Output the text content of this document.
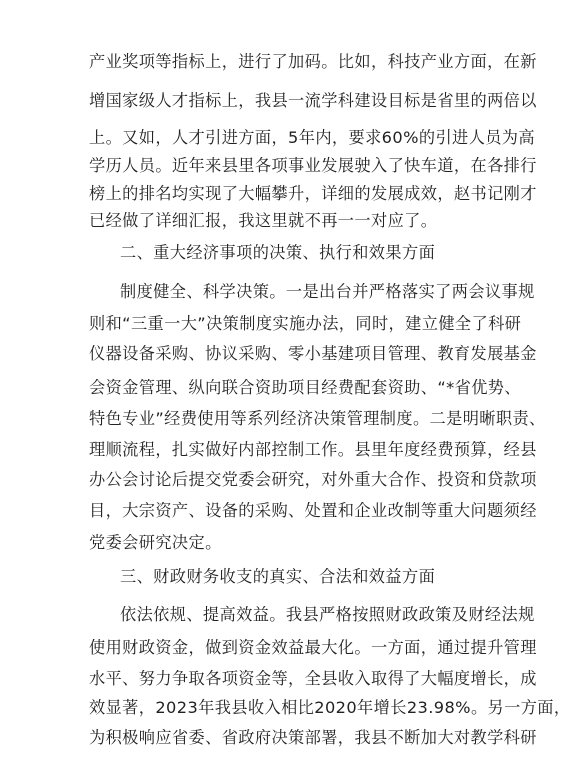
产业奖项等指标上，进行了加码。比如，科技产业方面，在新
增国家级人才指标上，我县一流学科建设目标是省里的两倍以
上。又如，人才引进方面，5年内，要求60%的引进人员为高
学历人员。近年来县里各项事业发展驶入了快车道，在各排行
榜上的排名均实现了大幅攀升，详细的发展成效，赵书记刚才
已经做了详细汇报，我这里就不再一一对应了。
二、重大经济事项的决策、执行和效果方面
制度健全、科学决策。一是出台并严格落实了两会议事规
则和“三重一大”决策制度实施办法，同时，建立健全了科研
仪器设备采购、协议采购、零小基建项目管理、教育发展基金
会资金管理、纵向联合资助项目经费配套资助、“*省优势、
特色专业”经费使用等系列经济决策管理制度。二是明晰职责、
理顺流程，扎实做好内部控制工作。县里年度经费预算，经县
办公会讨论后提交党委会研究，对外重大合作、投资和贷款项
目，大宗资产、设备的采购、处置和企业改制等重大问题须经
党委会研究决定。
三、财政财务收支的真实、合法和效益方面
依法依规、提高效益。我县严格按照财政政策及财经法规
使用财政资金，做到资金效益最大化。一方面，通过提升管理
水平、努力争取各项资金等，全县收入取得了大幅度增长，成
效显著，2023年我县收入相比2020年增长23.98%。另一方面，
为积极响应省委、省政府决策部署，我县不断加大对教学科研
